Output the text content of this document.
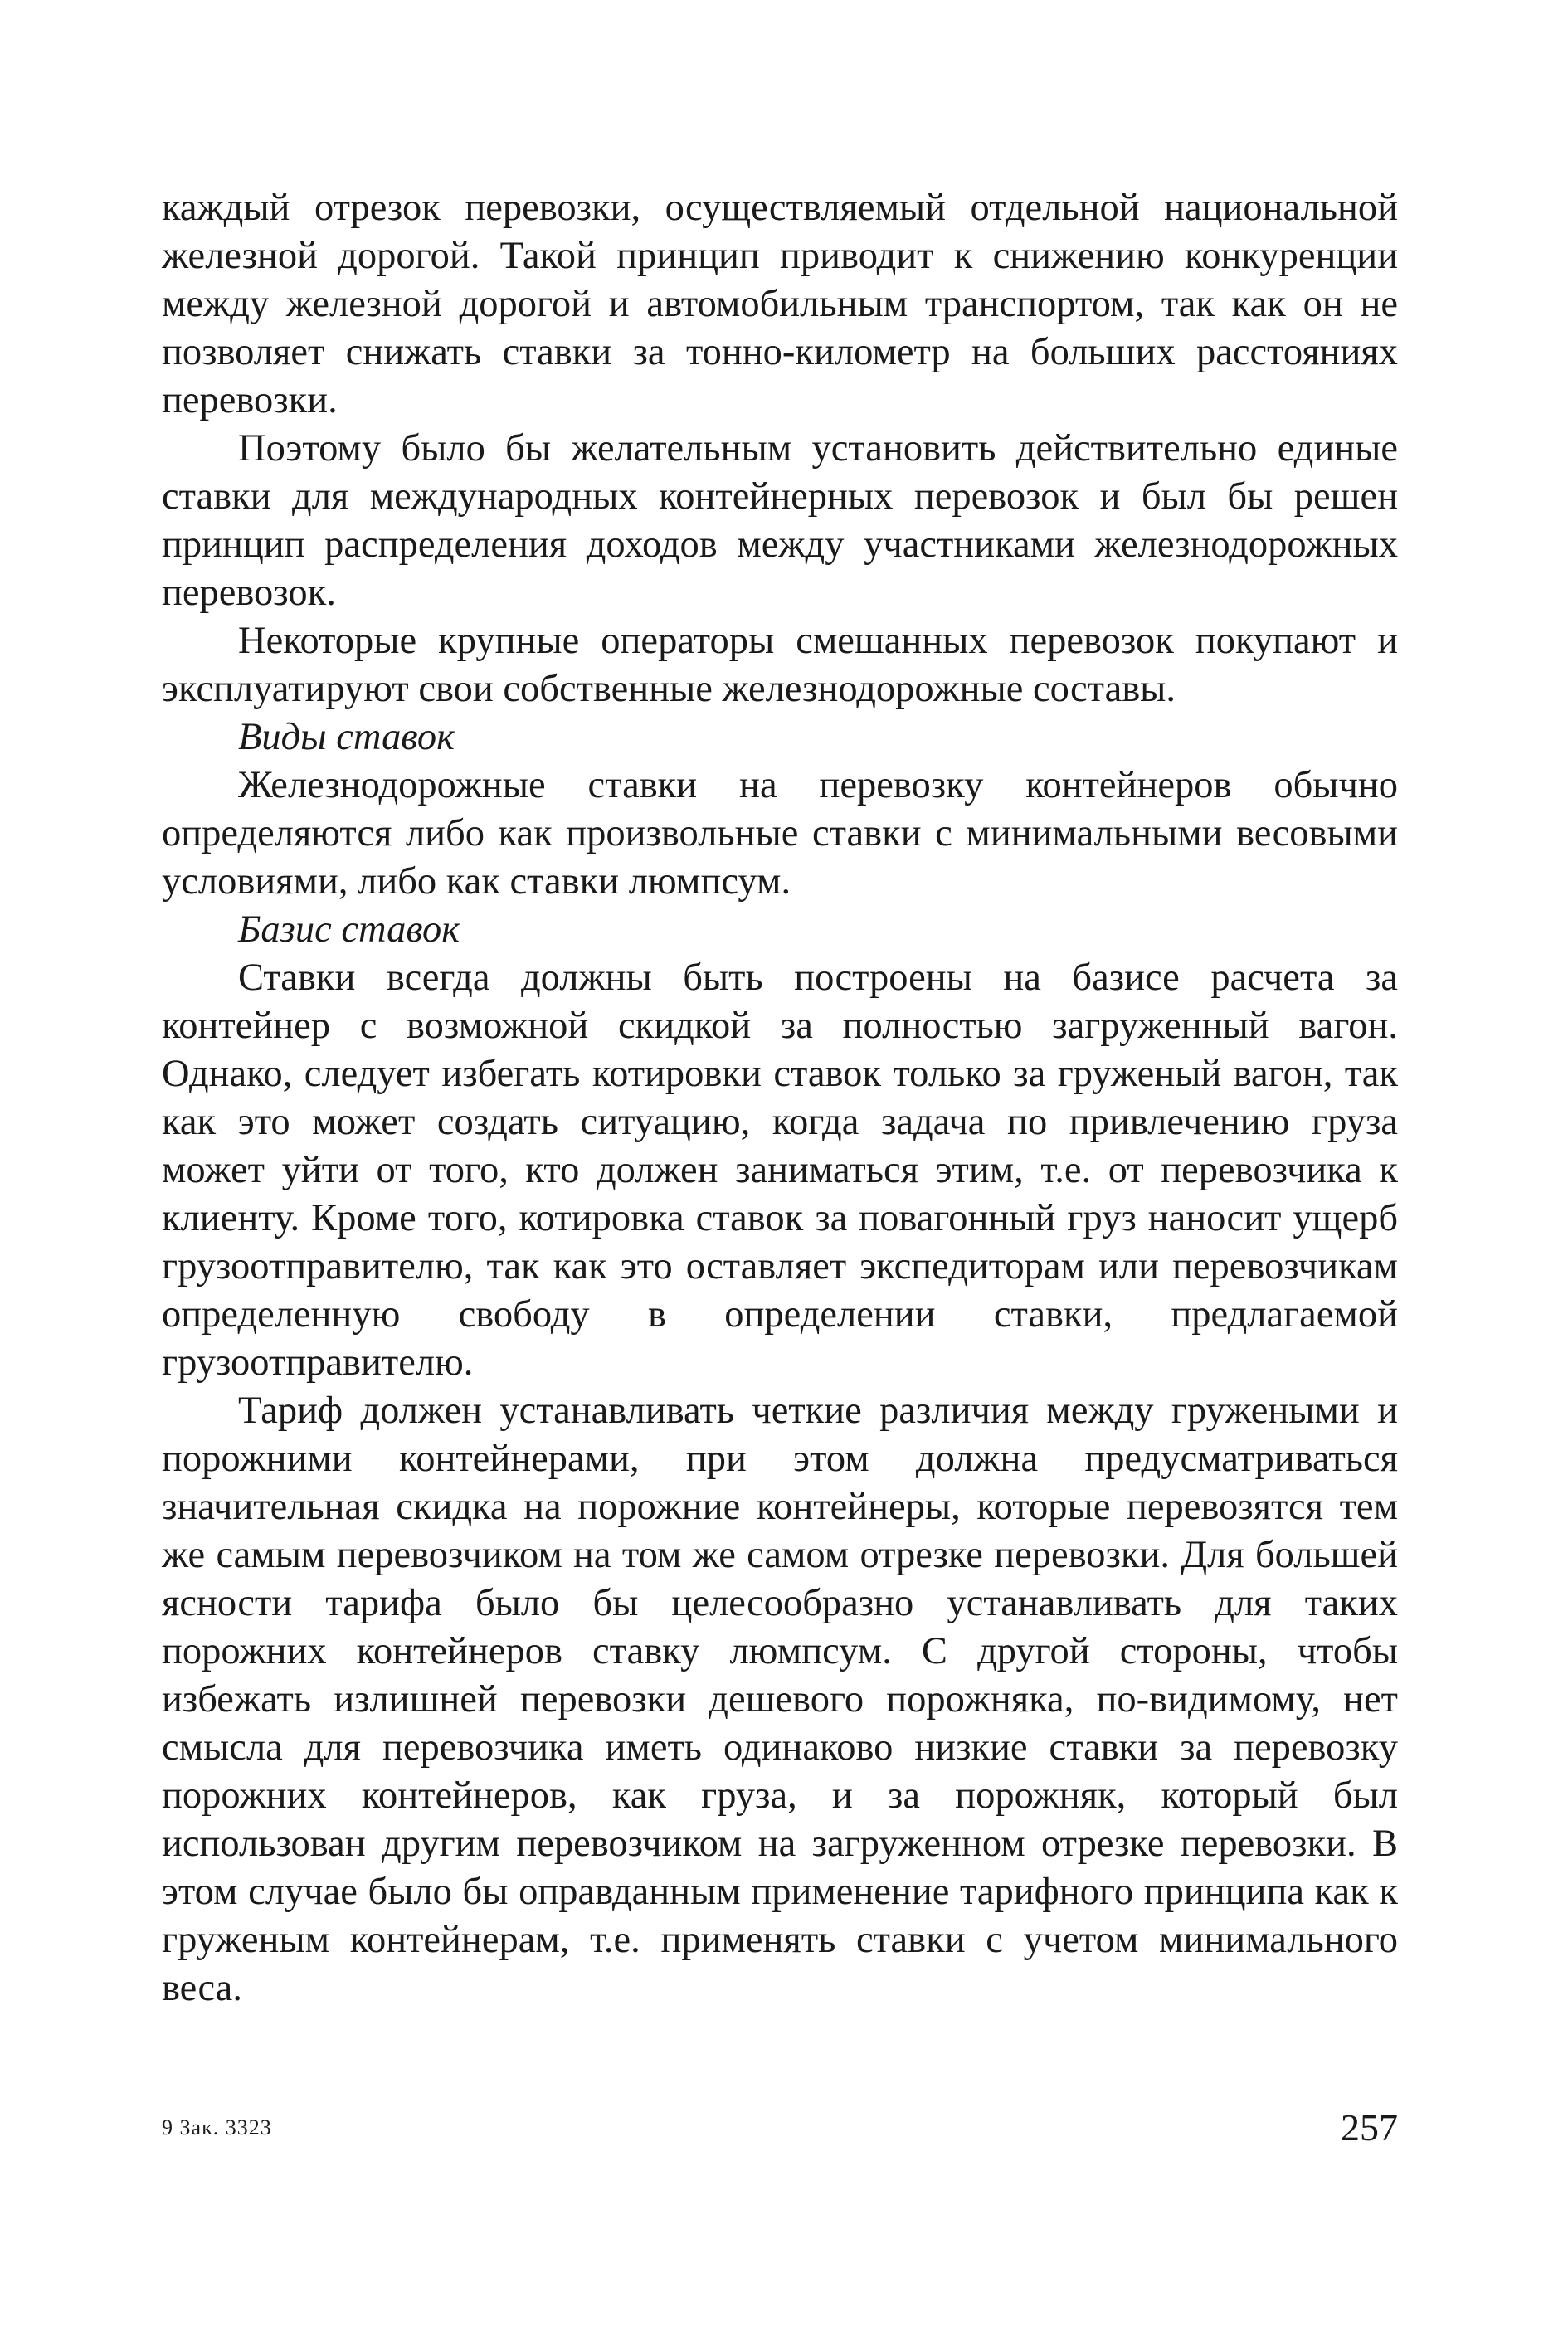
каждый отрезок перевозки, осуществляемый отдельной национальной железной дорогой. Такой принцип приводит к снижению конкуренции между железной дорогой и автомобильным транспортом, так как он не позволяет снижать ставки за тонно-километр на больших расстояниях перевозки.

Поэтому было бы желательным установить действительно единые ставки для международных контейнерных перевозок и был бы решен принцип распределения доходов между участниками железнодорожных перевозок.

Некоторые крупные операторы смешанных перевозок покупают и эксплуатируют свои собственные железнодорожные составы.

Виды ставок

Железнодорожные ставки на перевозку контейнеров обычно определяются либо как произвольные ставки с минимальными весовыми условиями, либо как ставки люмпсум.

Базис ставок

Ставки всегда должны быть построены на базисе расчета за контейнер с возможной скидкой за полностью загруженный вагон. Однако, следует избегать котировки ставок только за груженый вагон, так как это может создать ситуацию, когда задача по привлечению груза может уйти от того, кто должен заниматься этим, т.е. от перевозчика к клиенту. Кроме того, котировка ставок за повагонный груз наносит ущерб грузоотправителю, так как это оставляет экспедиторам или перевозчикам определенную свободу в определении ставки, предлагаемой грузоотправителю.

Тариф должен устанавливать четкие различия между гружеными и порожними контейнерами, при этом должна предусматриваться значительная скидка на порожние контейнеры, которые перевозятся тем же самым перевозчиком на том же самом отрезке перевозки. Для большей ясности тарифа было бы целесообразно устанавливать для таких порожних контейнеров ставку люмпсум. С другой стороны, чтобы избежать излишней перевозки дешевого порожняка, по-видимому, нет смысла для перевозчика иметь одинаково низкие ставки за перевозку порожних контейнеров, как груза, и за порожняк, который был использован другим перевозчиком на загруженном отрезке перевозки. В этом случае было бы оправданным применение тарифного принципа как к груженым контейнерам, т.е. применять ставки с учетом минимального веса.

9 Зак. 3323	257
